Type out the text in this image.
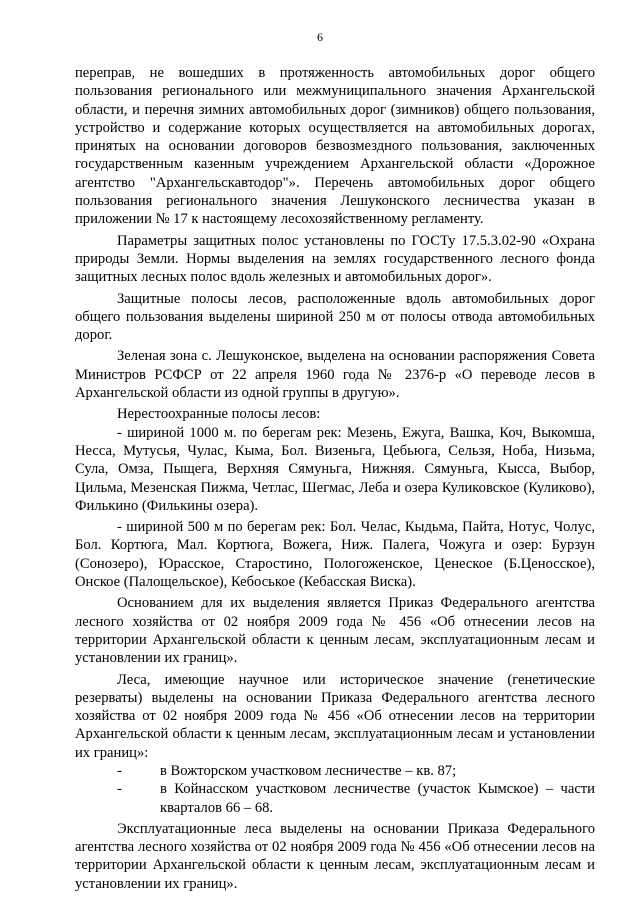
6

переправ, не вошедших в протяженность автомобильных дорог общего пользования регионального или межмуниципального значения Архангельской области, и перечня зимних автомобильных дорог (зимников) общего пользования, устройство и содержание которых осуществляется на автомобильных дорогах, принятых на основании договоров безвозмездного пользования, заключенных государственным казенным учреждением Архангельской области «Дорожное агентство "Архангельскавтодор"». Перечень автомобильных дорог общего пользования регионального значения Лешуконского лесничества указан в приложении № 17 к настоящему лесохозяйственному регламенту.

Параметры защитных полос установлены по ГОСТу 17.5.3.02-90 «Охрана природы Земли. Нормы выделения на землях государственного лесного фонда защитных лесных полос вдоль железных и автомобильных дорог».

Защитные полосы лесов, расположенные вдоль автомобильных дорог общего пользования выделены шириной 250 м от полосы отвода автомобильных дорог.

Зеленая зона с. Лешуконское, выделена на основании распоряжения Совета Министров РСФСР от 22 апреля 1960 года № 2376-р «О переводе лесов в Архангельской области из одной группы в другую».

Нерестоохранные полосы лесов:

- шириной 1000 м. по берегам рек: Мезень, Ежуга, Вашка, Коч, Выкомша, Несса, Мутусья, Чулас, Кыма, Бол. Визеньга, Цебьюга, Сельзя, Ноба, Низьма, Сула, Омза, Пыщега, Верхняя Сямуньга, Нижняя. Сямуньга, Кысса, Выбор, Цильма, Мезенская Пижма, Четлас, Шегмас, Леба и озера Куликовское (Куликово), Филькино (Филькины озера).

- шириной 500 м по берегам рек: Бол. Челас, Кыдьма, Пайта, Нотус, Чолус, Бол. Кортюга, Мал. Кортюга, Вожега, Ниж. Палега, Чожуга и озер: Бурзун (Сонозеро), Юрасское, Старостино, Пологоженское, Ценеское (Б.Ценосское), Онское (Палощельское), Кебоськое (Кебасская Виска).

Основанием для их выделения является Приказ Федерального агентства лесного хозяйства от 02 ноября 2009 года № 456 «Об отнесении лесов на территории Архангельской области к ценным лесам, эксплуатационным лесам и установлении их границ».

Леса, имеющие научное или историческое значение (генетические резерваты) выделены на основании Приказа Федерального агентства лесного хозяйства от 02 ноября 2009 года № 456 «Об отнесении лесов на территории Архангельской области к ценным лесам, эксплуатационным лесам и установлении их границ»:

-	в Вожторском участковом лесничестве – кв. 87;

-	в Койнасском участковом лесничестве (участок Кымское) – части кварталов 66 – 68.

Эксплуатационные леса выделены на основании Приказа Федерального агентства лесного хозяйства от 02 ноября 2009 года № 456 «Об отнесении лесов на территории Архангельской области к ценным лесам, эксплуатационным лесам и установлении их границ».
